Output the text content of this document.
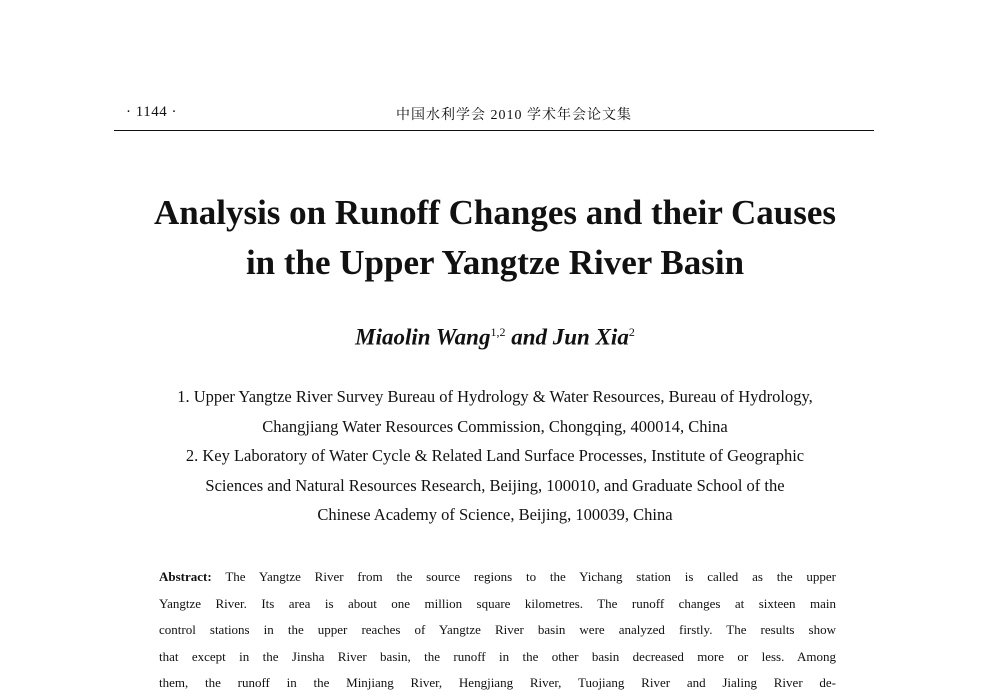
· 1144 ·	中国水利学会 2010 学术年会论文集
Analysis on Runoff Changes and their Causes
in the Upper Yangtze River Basin
Miaolin Wang$^{1,2}$ and Jun Xia$^2$
1. Upper Yangtze River Survey Bureau of Hydrology & Water Resources, Bureau of Hydrology,
Changjiang Water Resources Commission, Chongqing, 400014, China
2. Key Laboratory of Water Cycle & Related Land Surface Processes, Institute of Geographic
Sciences and Natural Resources Research, Beijing, 100010, and Graduate School of the
Chinese Academy of Science, Beijing, 100039, China
Abstract: The Yangtze River from the source regions to the Yichang station is called as the upper
Yangtze River. Its area is about one million square kilometres. The runoff changes at sixteen main
control stations in the upper reaches of Yangtze River basin were analyzed firstly. The results show
that except in the Jinsha River basin, the runoff in the other basin decreased more or less. Among
them, the runoff in the Minjiang River, Hengjiang River, Tuojiang River and Jialing River de-
